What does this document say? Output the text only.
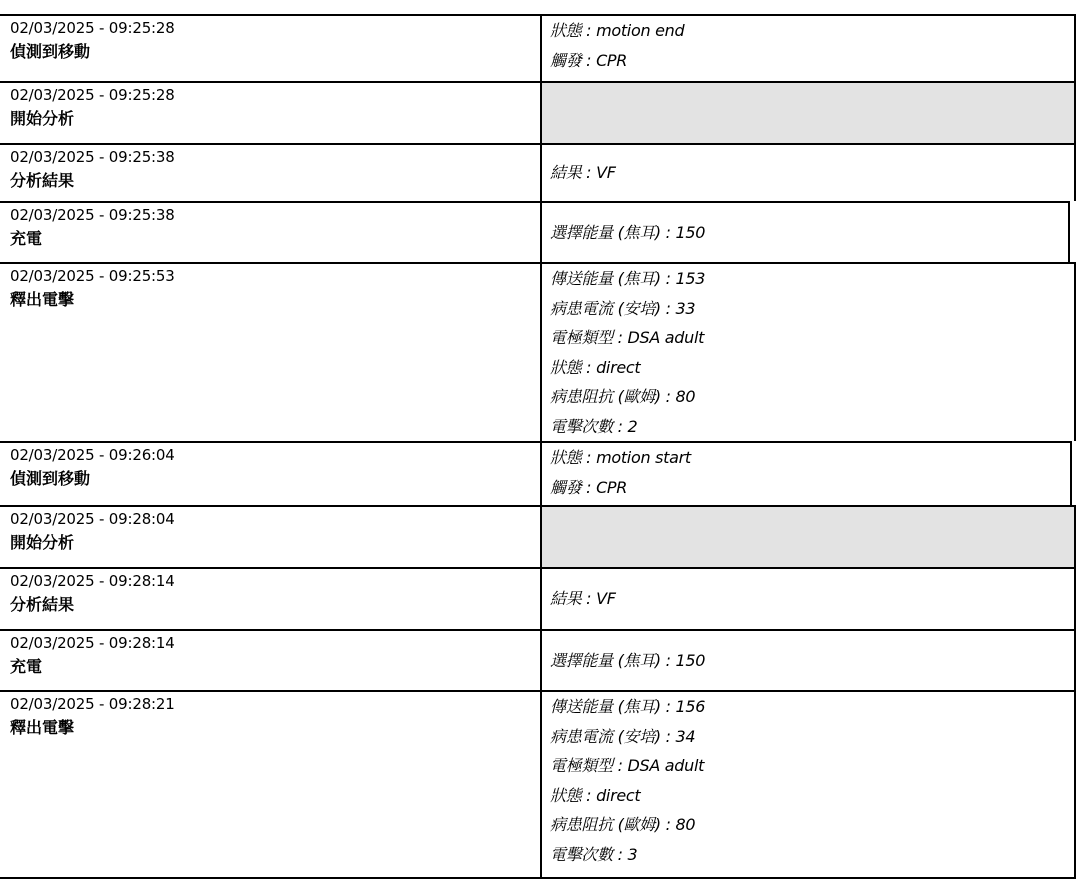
02/03/2025 - 09:25:28
偵測到移動
狀態 : motion end
觸發 : CPR
02/03/2025 - 09:25:28
開始分析
02/03/2025 - 09:25:38
分析結果	結果 : VF
02/03/2025 - 09:25:38
充電	選擇能量 (焦耳) : 150
02/03/2025 - 09:25:53
釋出電擊
傳送能量 (焦耳) : 153
病患電流 (安培) : 33
電極類型 : DSA adult
狀態 : direct
病患阻抗 (歐姆) : 80
電擊次數 : 2
02/03/2025 - 09:26:04
偵測到移動
狀態 : motion start
觸發 : CPR
02/03/2025 - 09:28:04
開始分析
02/03/2025 - 09:28:14
分析結果	結果 : VF
02/03/2025 - 09:28:14
充電	選擇能量 (焦耳) : 150
02/03/2025 - 09:28:21
釋出電擊
傳送能量 (焦耳) : 156
病患電流 (安培) : 34
電極類型 : DSA adult
狀態 : direct
病患阻抗 (歐姆) : 80
電擊次數 : 3
